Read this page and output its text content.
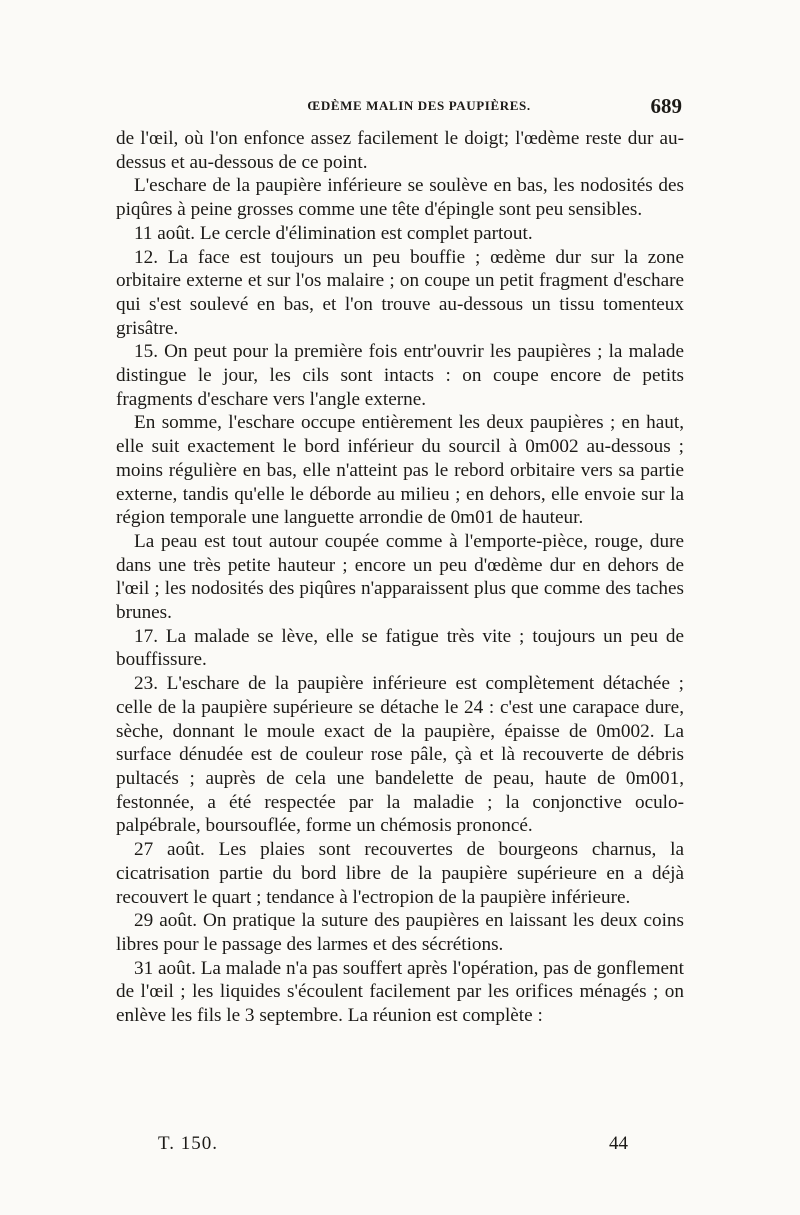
ŒDÈME MALIN DES PAUPIÈRES.	689

de l'œil, où l'on enfonce assez facilement le doigt; l'œdème reste dur au-dessus et au-dessous de ce point.

L'eschare de la paupière inférieure se soulève en bas, les nodosités des piqûres à peine grosses comme une tête d'épingle sont peu sensibles.

11 août. Le cercle d'élimination est complet partout.

12. La face est toujours un peu bouffie ; œdème dur sur la zone orbitaire externe et sur l'os malaire ; on coupe un petit fragment d'eschare qui s'est soulevé en bas, et l'on trouve au-dessous un tissu tomenteux grisâtre.

15. On peut pour la première fois entr'ouvrir les paupières ; la malade distingue le jour, les cils sont intacts : on coupe encore de petits fragments d'eschare vers l'angle externe.

En somme, l'eschare occupe entièrement les deux paupières ; en haut, elle suit exactement le bord inférieur du sourcil à 0m002 au-dessous ; moins régulière en bas, elle n'atteint pas le rebord orbitaire vers sa partie externe, tandis qu'elle le déborde au milieu ; en dehors, elle envoie sur la région temporale une languette arrondie de 0m01 de hauteur.

La peau est tout autour coupée comme à l'emporte-pièce, rouge, dure dans une très petite hauteur ; encore un peu d'œdème dur en dehors de l'œil ; les nodosités des piqûres n'apparaissent plus que comme des taches brunes.

17. La malade se lève, elle se fatigue très vite ; toujours un peu de bouffissure.

23. L'eschare de la paupière inférieure est complètement détachée ; celle de la paupière supérieure se détache le 24 : c'est une carapace dure, sèche, donnant le moule exact de la paupière, épaisse de 0m002. La surface dénudée est de couleur rose pâle, çà et là recouverte de débris pultacés ; auprès de cela une bandelette de peau, haute de 0m001, festonnée, a été respectée par la maladie ; la conjonctive oculo-palpébrale, boursouflée, forme un chémosis prononcé.

27 août. Les plaies sont recouvertes de bourgeons charnus, la cicatrisation partie du bord libre de la paupière supérieure en a déjà recouvert le quart ; tendance à l'ectropion de la paupière inférieure.

29 août. On pratique la suture des paupières en laissant les deux coins libres pour le passage des larmes et des sécrétions.

31 août. La malade n'a pas souffert après l'opération, pas de gonflement de l'œil ; les liquides s'écoulent facilement par les orifices ménagés ; on enlève les fils le 3 septembre. La réunion est complète :

T. 150.	44
